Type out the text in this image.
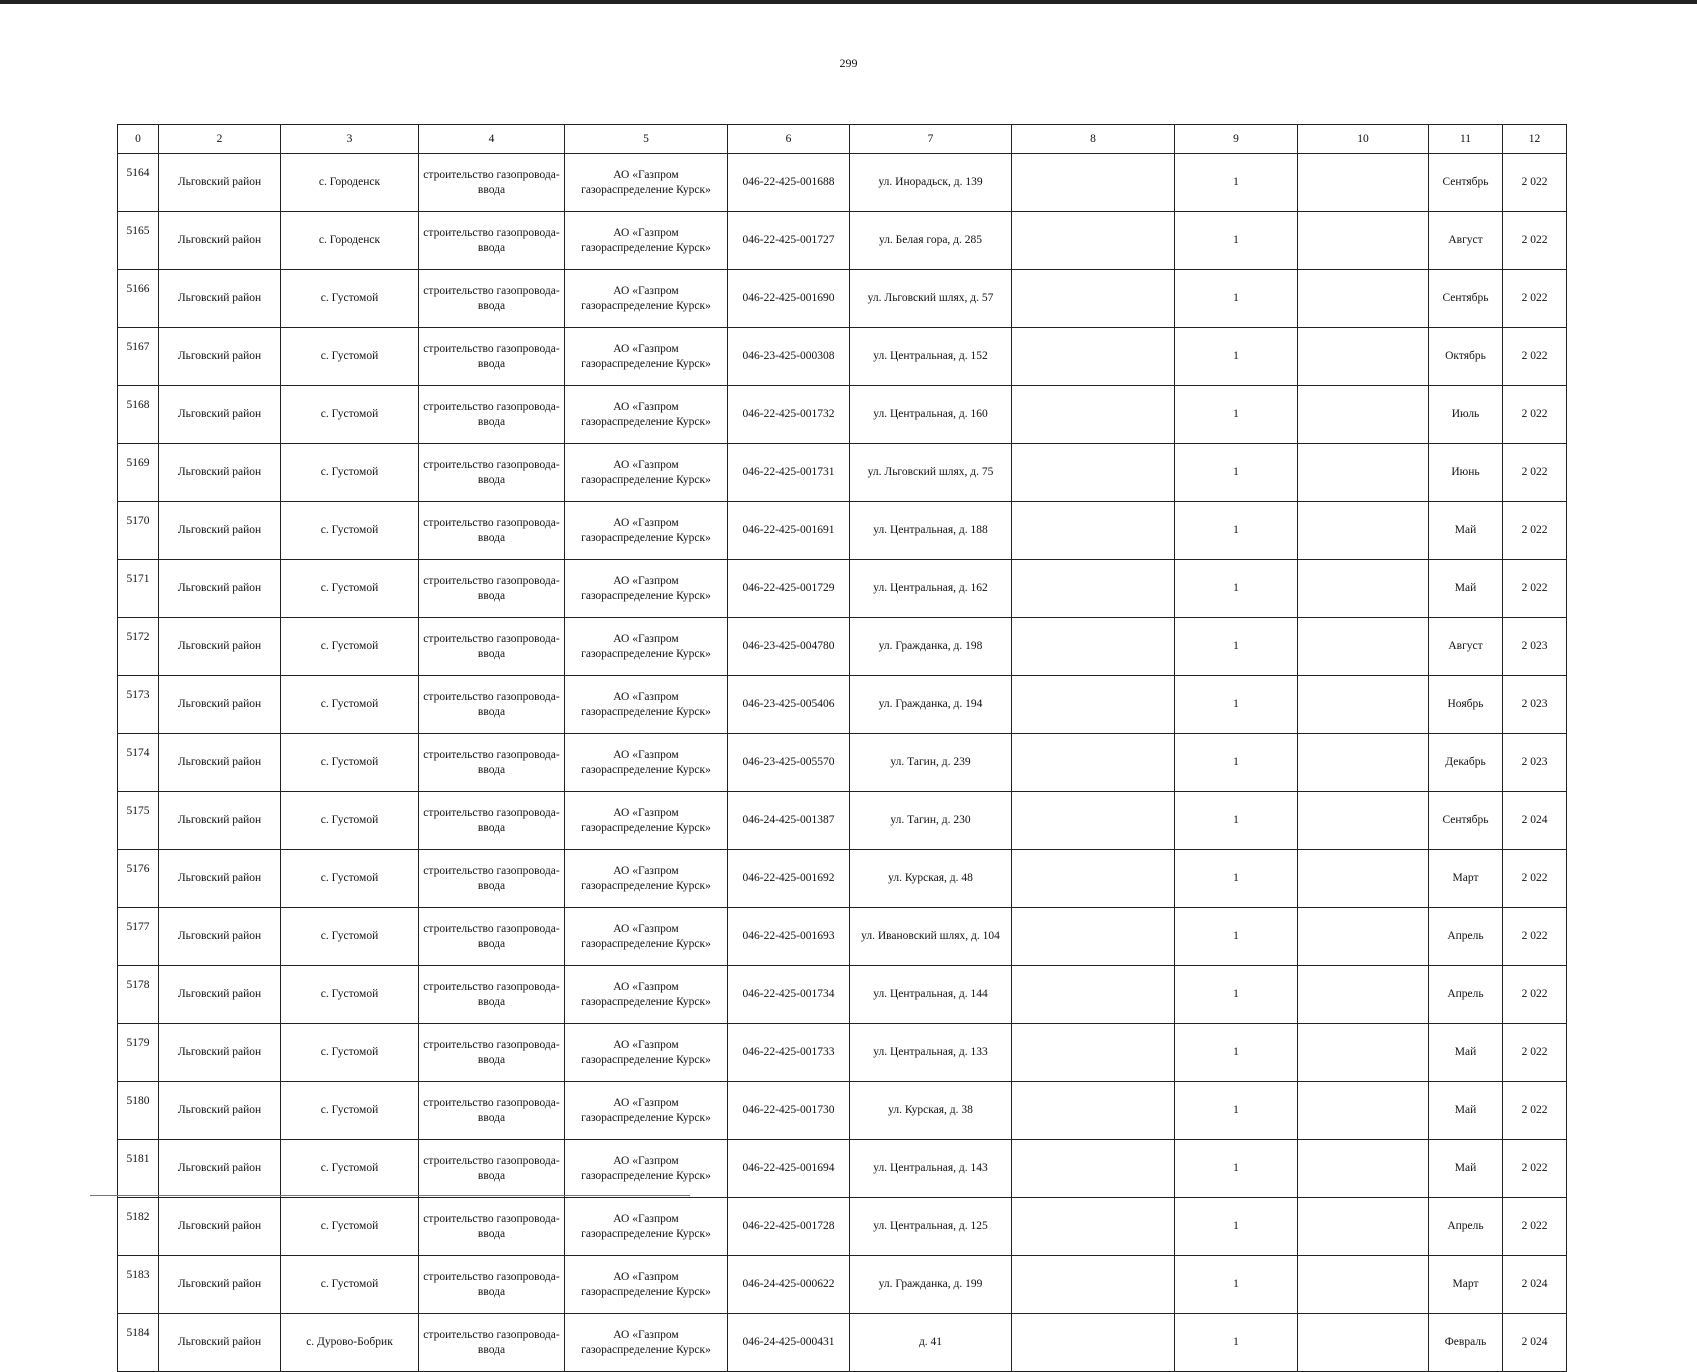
299
0	2	3	4	5	6	7	8	9	10	11	12
5164	Льговский район	с. Городенск	строительство газопровода-ввода	АО «Газпром газораспределение Курск»	046-22-425-001688	ул. Инорадьск, д. 139		1		Сентябрь	2 022
5165	Льговский район	с. Городенск	строительство газопровода-ввода	АО «Газпром газораспределение Курск»	046-22-425-001727	ул. Белая гора, д. 285		1		Август	2 022
5166	Льговский район	с. Густомой	строительство газопровода-ввода	АО «Газпром газораспределение Курск»	046-22-425-001690	ул. Льговский шлях, д. 57		1		Сентябрь	2 022
5167	Льговский район	с. Густомой	строительство газопровода-ввода	АО «Газпром газораспределение Курск»	046-23-425-000308	ул. Центральная, д. 152		1		Октябрь	2 022
5168	Льговский район	с. Густомой	строительство газопровода-ввода	АО «Газпром газораспределение Курск»	046-22-425-001732	ул. Центральная, д. 160		1		Июль	2 022
5169	Льговский район	с. Густомой	строительство газопровода-ввода	АО «Газпром газораспределение Курск»	046-22-425-001731	ул. Льговский шлях, д. 75		1		Июнь	2 022
5170	Льговский район	с. Густомой	строительство газопровода-ввода	АО «Газпром газораспределение Курск»	046-22-425-001691	ул. Центральная, д. 188		1		Май	2 022
5171	Льговский район	с. Густомой	строительство газопровода-ввода	АО «Газпром газораспределение Курск»	046-22-425-001729	ул. Центральная, д. 162		1		Май	2 022
5172	Льговский район	с. Густомой	строительство газопровода-ввода	АО «Газпром газораспределение Курск»	046-23-425-004780	ул. Гражданка, д. 198		1		Август	2 023
5173	Льговский район	с. Густомой	строительство газопровода-ввода	АО «Газпром газораспределение Курск»	046-23-425-005406	ул. Гражданка, д. 194		1		Ноябрь	2 023
5174	Льговский район	с. Густомой	строительство газопровода-ввода	АО «Газпром газораспределение Курск»	046-23-425-005570	ул. Тагин, д. 239		1		Декабрь	2 023
5175	Льговский район	с. Густомой	строительство газопровода-ввода	АО «Газпром газораспределение Курск»	046-24-425-001387	ул. Тагин, д. 230		1		Сентябрь	2 024
5176	Льговский район	с. Густомой	строительство газопровода-ввода	АО «Газпром газораспределение Курск»	046-22-425-001692	ул. Курская, д. 48		1		Март	2 022
5177	Льговский район	с. Густомой	строительство газопровода-ввода	АО «Газпром газораспределение Курск»	046-22-425-001693	ул. Ивановский шлях, д. 104		1		Апрель	2 022
5178	Льговский район	с. Густомой	строительство газопровода-ввода	АО «Газпром газораспределение Курск»	046-22-425-001734	ул. Центральная, д. 144		1		Апрель	2 022
5179	Льговский район	с. Густомой	строительство газопровода-ввода	АО «Газпром газораспределение Курск»	046-22-425-001733	ул. Центральная, д. 133		1		Май	2 022
5180	Льговский район	с. Густомой	строительство газопровода-ввода	АО «Газпром газораспределение Курск»	046-22-425-001730	ул. Курская, д. 38		1		Май	2 022
5181	Льговский район	с. Густомой	строительство газопровода-ввода	АО «Газпром газораспределение Курск»	046-22-425-001694	ул. Центральная, д. 143		1		Май	2 022
5182	Льговский район	с. Густомой	строительство газопровода-ввода	АО «Газпром газораспределение Курск»	046-22-425-001728	ул. Центральная, д. 125		1		Апрель	2 022
5183	Льговский район	с. Густомой	строительство газопровода-ввода	АО «Газпром газораспределение Курск»	046-24-425-000622	ул. Гражданка, д. 199		1		Март	2 024
5184	Льговский район	с. Дурово-Бобрик	строительство газопровода-ввода	АО «Газпром газораспределение Курск»	046-24-425-000431	д. 41		1		Февраль	2 024
